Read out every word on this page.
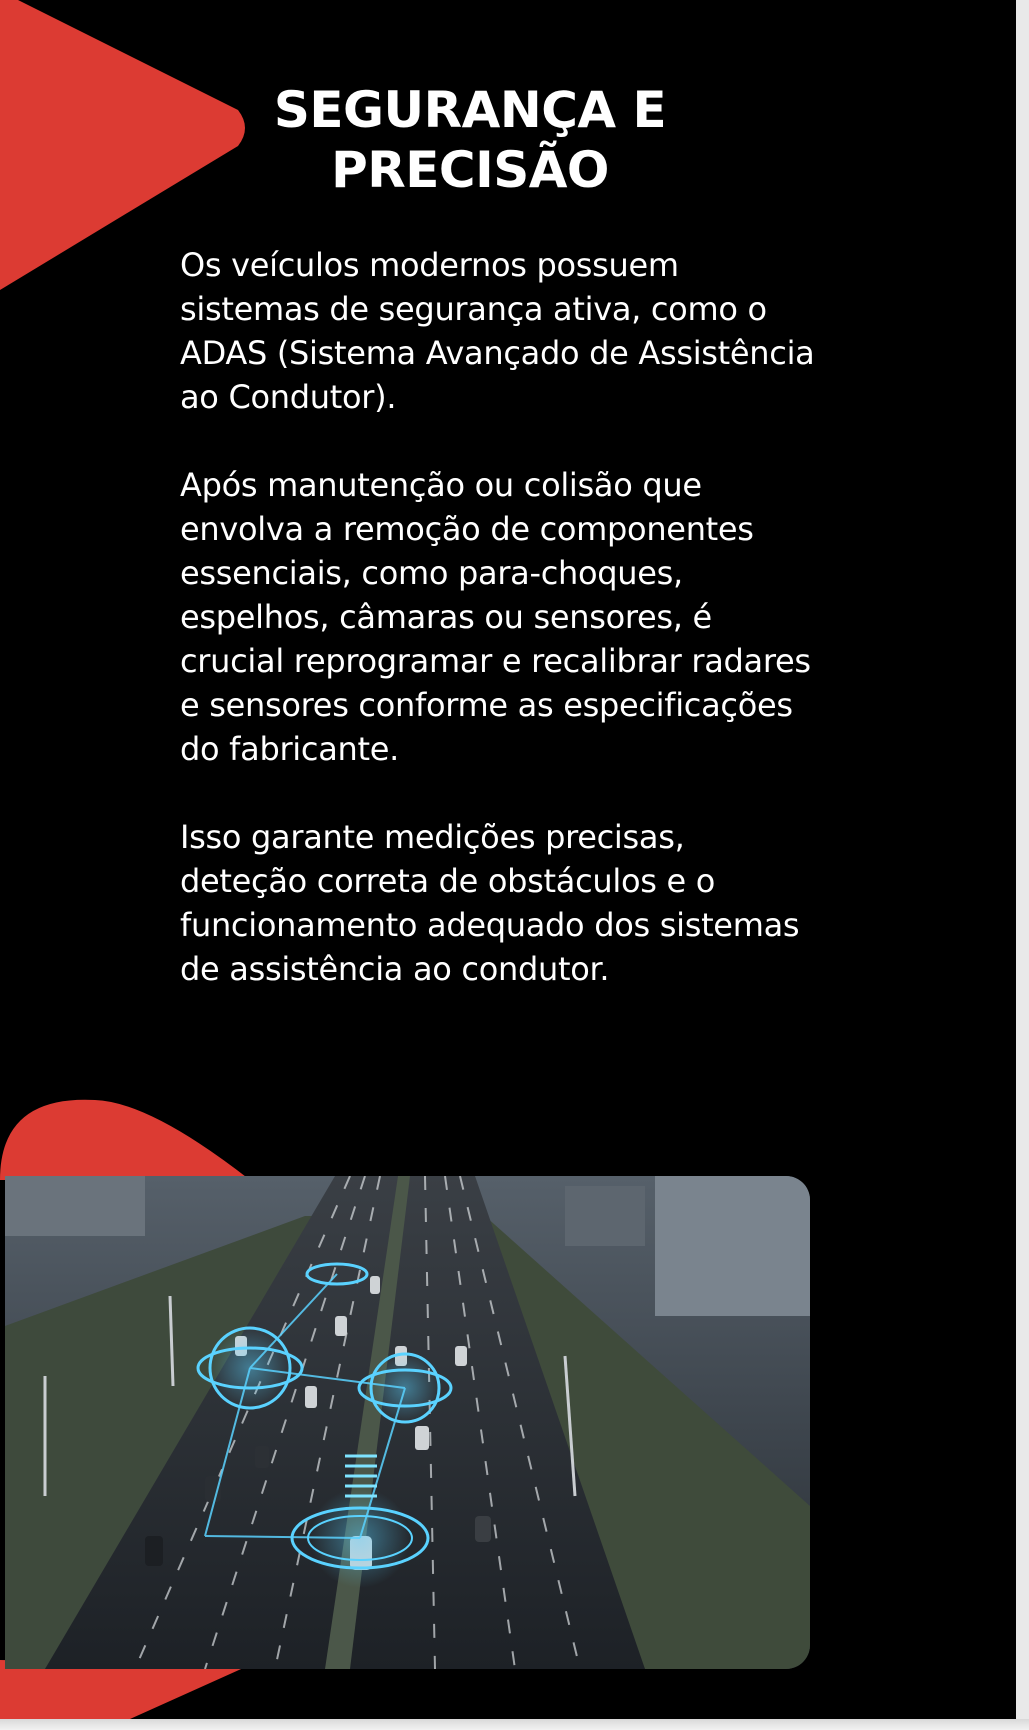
SEGURANÇA E
PRECISÃO

Os veículos modernos possuem sistemas de segurança ativa, como o ADAS (Sistema Avançado de Assistência ao Condutor).

Após manutenção ou colisão que envolva a remoção de componentes essenciais, como para-choques, espelhos, câmaras ou sensores, é crucial reprogramar e recalibrar radares e sensores conforme as especificações do fabricante.

Isso garante medições precisas, deteção correta de obstáculos e o funcionamento adequado dos sistemas de assistência ao condutor.
